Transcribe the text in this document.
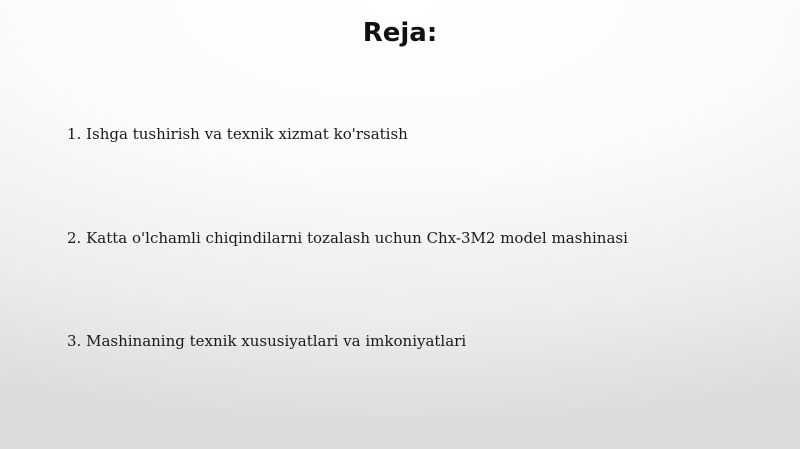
Reja:
1. Ishga tushirish va texnik xizmat ko'rsatish
2. Katta o'lchamli chiqindilarni tozalash uchun Chx-3M2 model mashinasi
3. Mashinaning texnik xususiyatlari va imkoniyatlari
